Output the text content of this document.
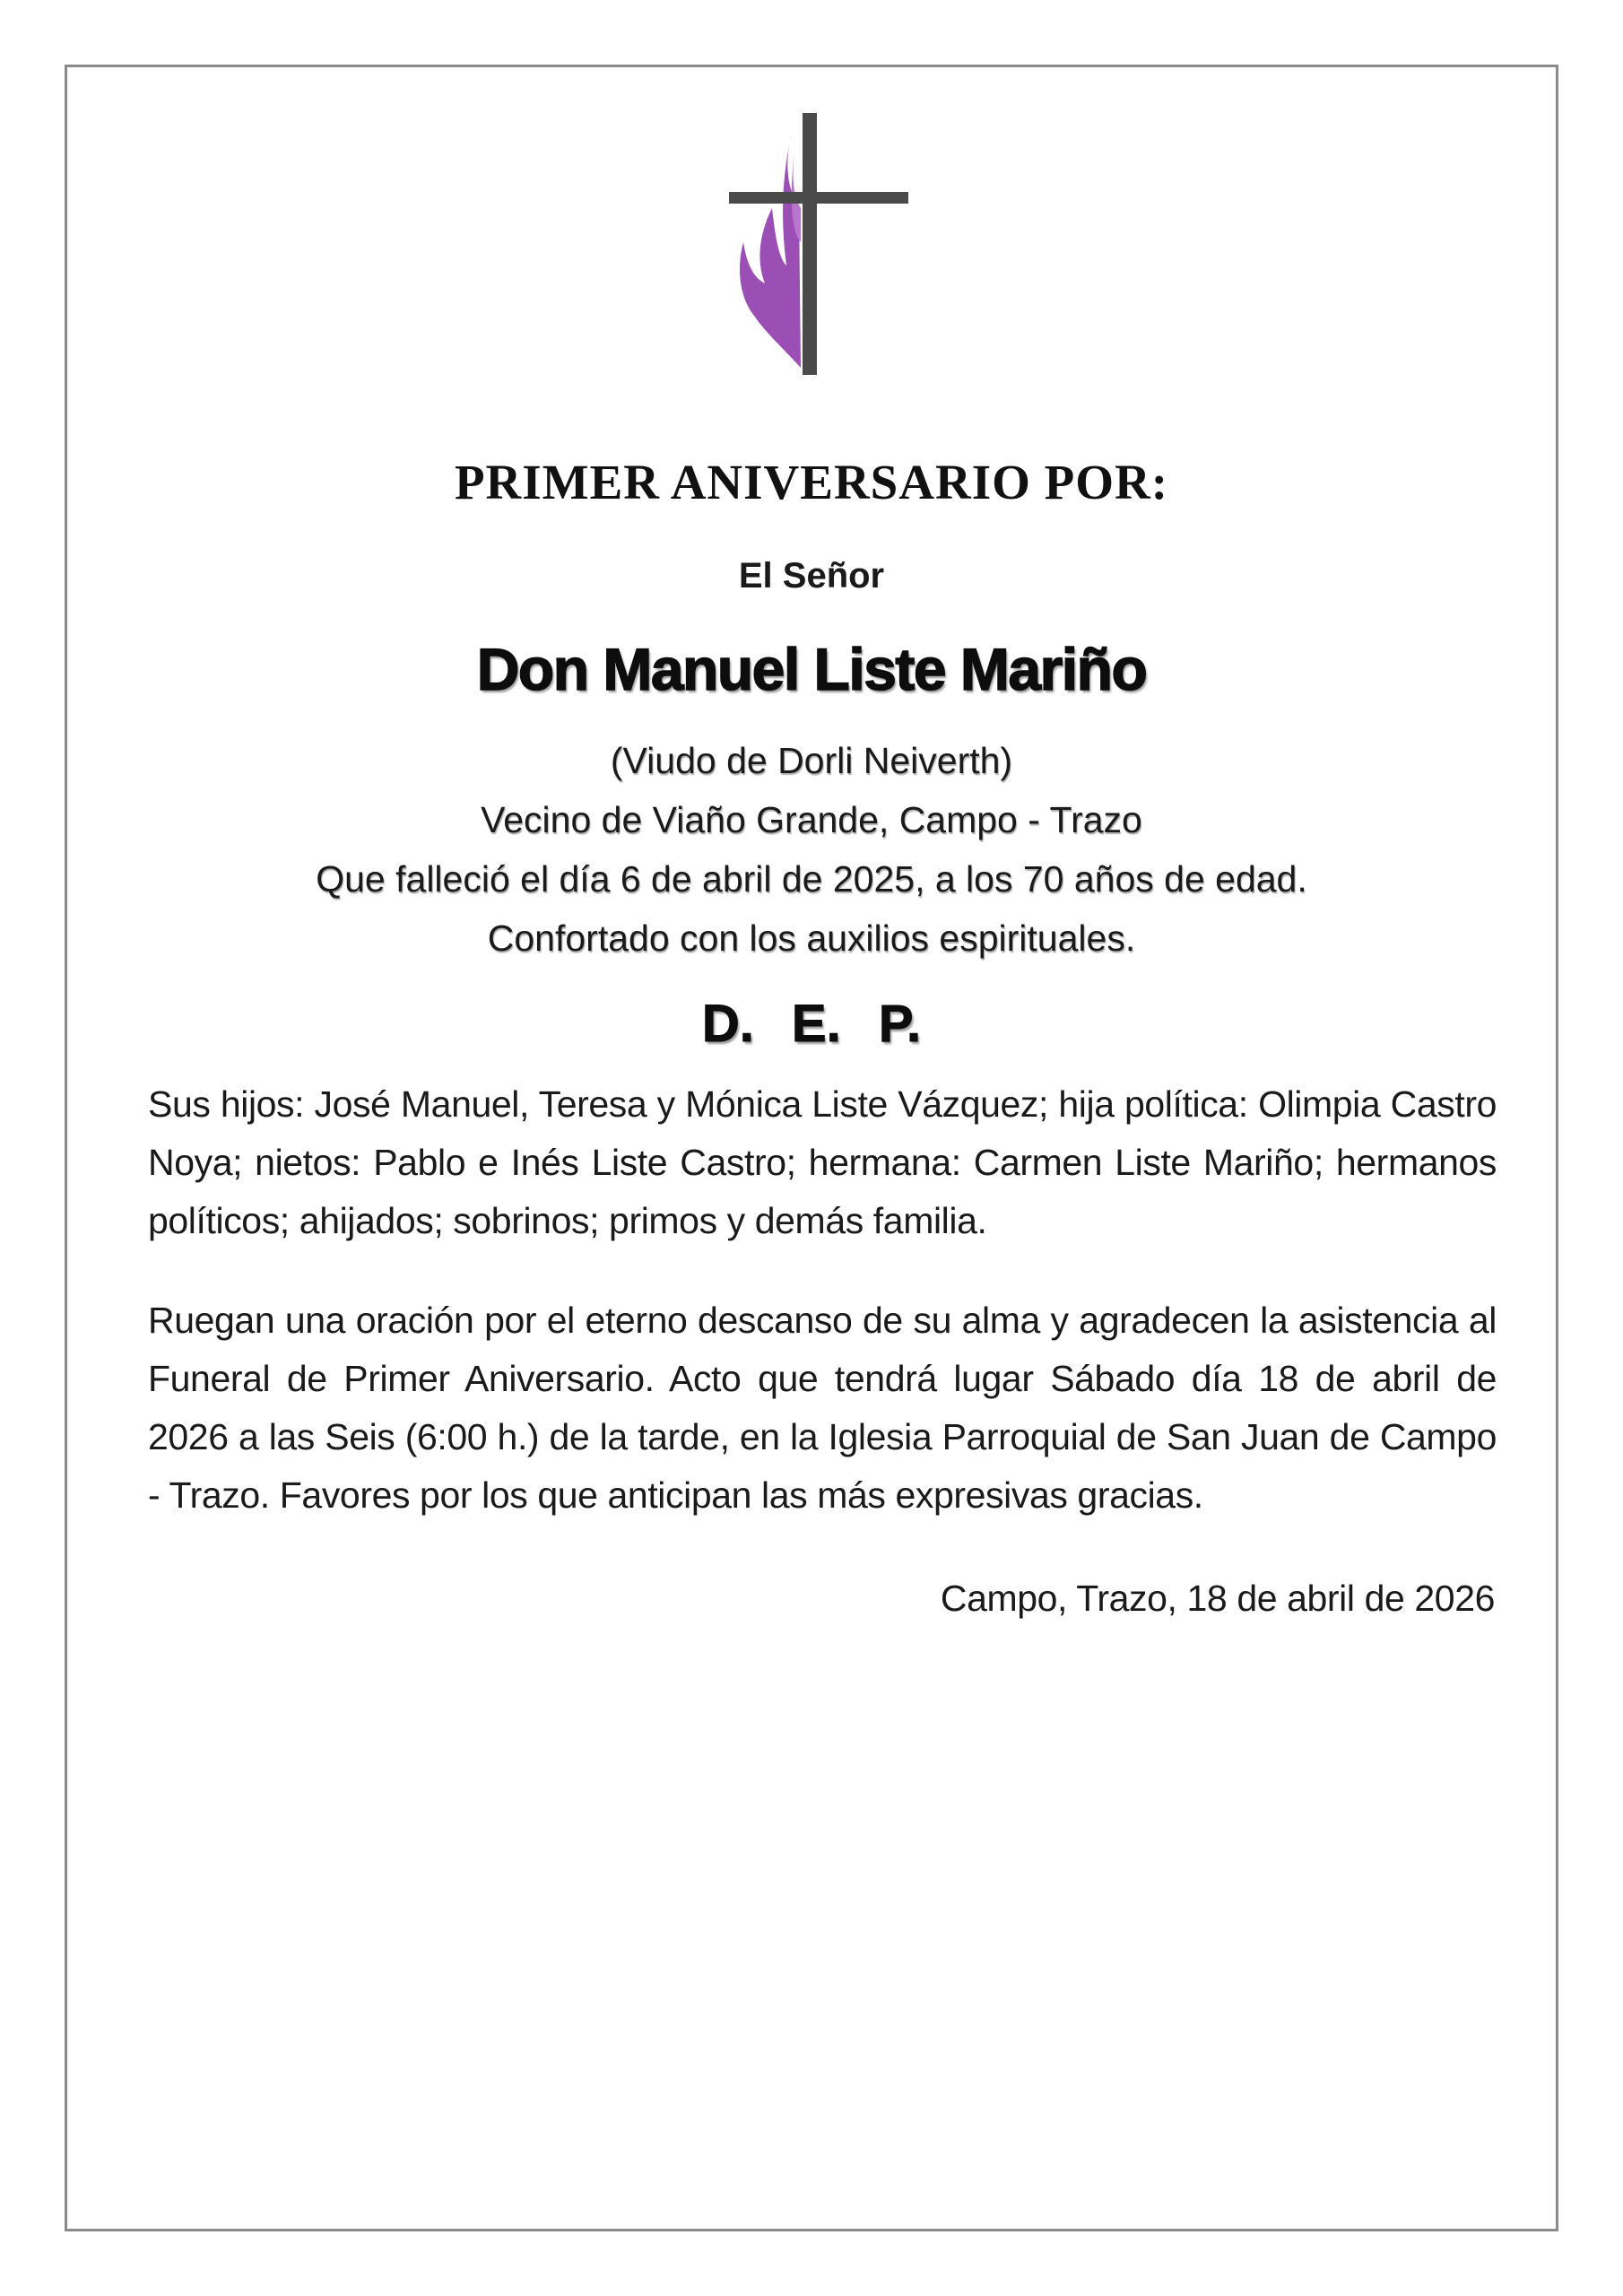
PRIMER ANIVERSARIO POR:
El Señor
Don Manuel Liste Mariño
(Viudo de Dorli Neiverth)
Vecino de Viaño Grande, Campo - Trazo
Que falleció el día 6 de abril de 2025, a los 70 años de edad.
Confortado con los auxilios espirituales.
D. E. P.
Sus hijos: José Manuel, Teresa y Mónica Liste Vázquez; hija política: Olimpia Castro Noya; nietos: Pablo e Inés Liste Castro; hermana: Carmen Liste Mariño; hermanos políticos; ahijados; sobrinos; primos y demás familia.
Ruegan una oración por el eterno descanso de su alma y agradecen la asistencia al Funeral de Primer Aniversario. Acto que tendrá lugar Sábado día 18 de abril de 2026 a las Seis (6:00 h.) de la tarde, en la Iglesia Parroquial de San Juan de Campo - Trazo. Favores por los que anticipan las más expresivas gracias.
Campo, Trazo, 18 de abril de 2026
